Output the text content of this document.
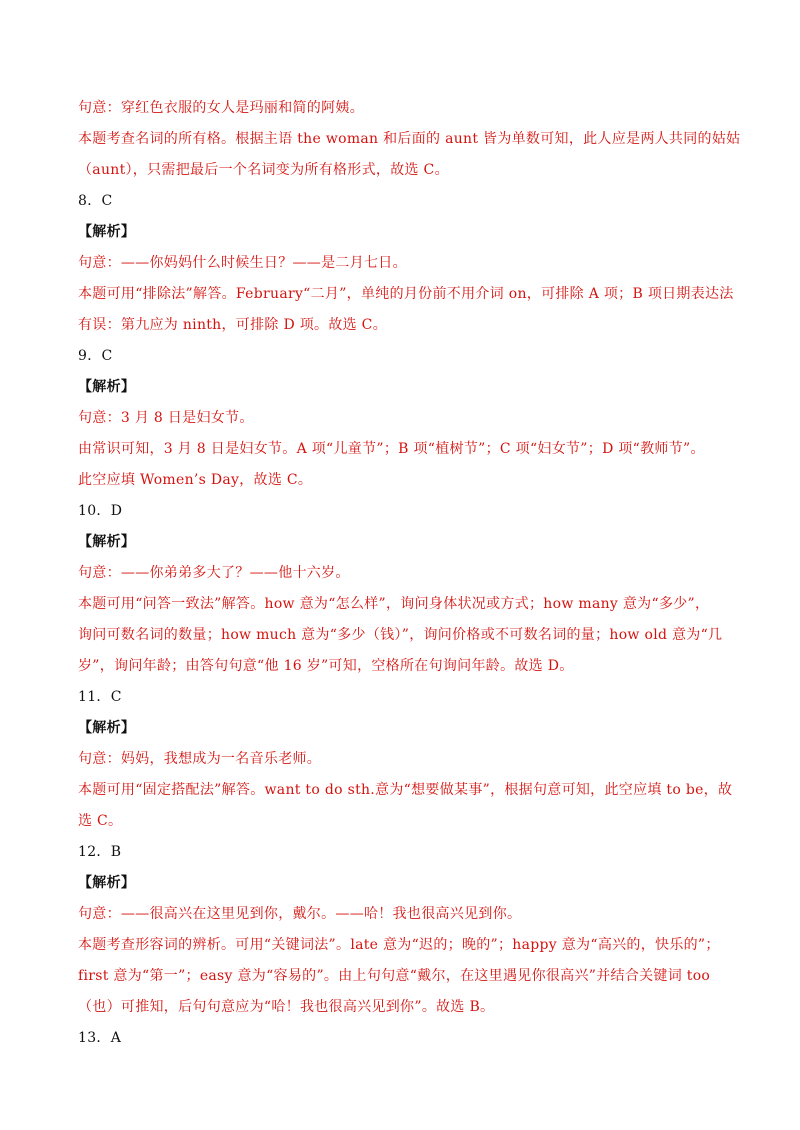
句意：穿红色衣服的女人是玛丽和简的阿姨。
本题考查名词的所有格。根据主语 the woman 和后面的 aunt 皆为单数可知，此人应是两人共同的姑姑
（aunt），只需把最后一个名词变为所有格形式，故选 C。
8．C
【解析】
句意：——你妈妈什么时候生日？——是二月七日。
本题可用“排除法”解答。February“二月”，单纯的月份前不用介词 on，可排除 A 项；B 项日期表达法
有误：第九应为 ninth，可排除 D 项。故选 C。
9．C
【解析】
句意：3 月 8 日是妇女节。
由常识可知，3 月 8 日是妇女节。A 项“儿童节”；B 项“植树节”；C 项“妇女节”；D 项“教师节”。
此空应填 Women’s Day，故选 C。
10．D
【解析】
句意：——你弟弟多大了？——他十六岁。
本题可用“问答一致法”解答。how 意为“怎么样”，询问身体状况或方式；how many 意为“多少”，
询问可数名词的数量；how much 意为“多少（钱）”，询问价格或不可数名词的量；how old 意为“几
岁”，询问年龄；由答句句意“他 16 岁”可知，空格所在句询问年龄。故选 D。
11．C
【解析】
句意：妈妈，我想成为一名音乐老师。
本题可用“固定搭配法”解答。want to do sth.意为“想要做某事”，根据句意可知，此空应填 to be，故
选 C。
12．B
【解析】
句意：——很高兴在这里见到你，戴尔。——哈！我也很高兴见到你。
本题考查形容词的辨析。可用“关键词法”。late 意为“迟的；晚的”；happy 意为“高兴的，快乐的”；
first 意为“第一”；easy 意为“容易的”。由上句句意“戴尔，在这里遇见你很高兴”并结合关键词 too
（也）可推知，后句句意应为“哈！我也很高兴见到你”。故选 B。
13．A
